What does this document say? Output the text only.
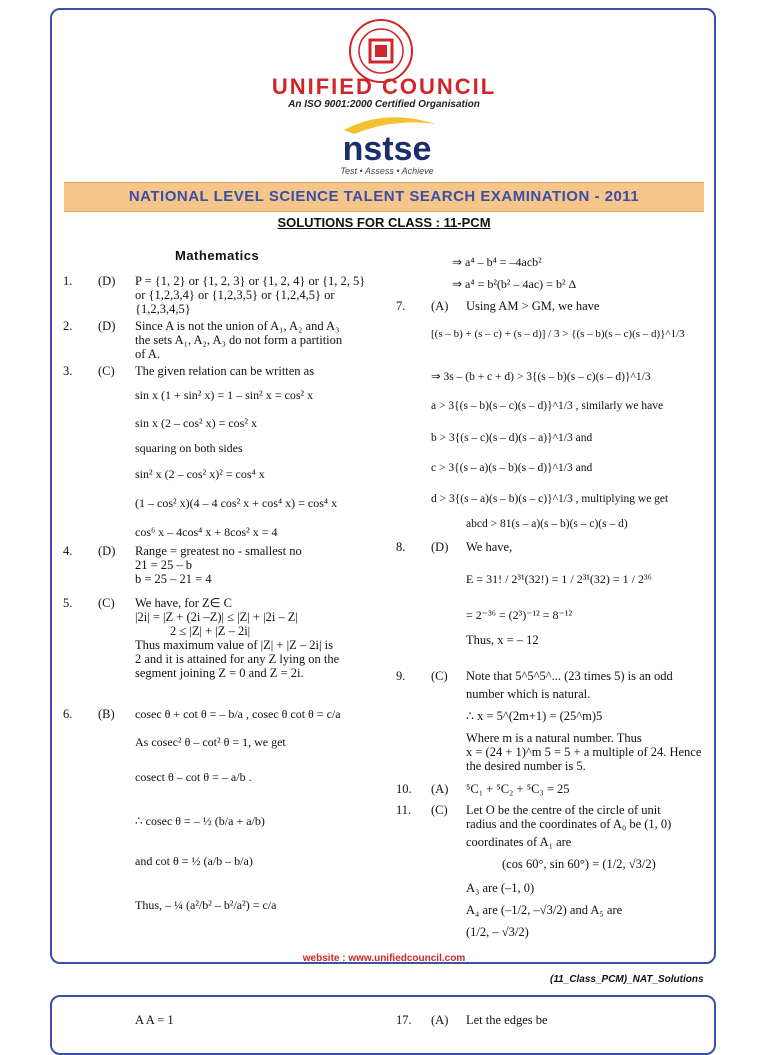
UNIFIED COUNCIL
An ISO 9001:2000 Certified Organisation
nstse
Test • Assess • Achieve
NATIONAL LEVEL SCIENCE TALENT SEARCH EXAMINATION - 2011
SOLUTIONS FOR CLASS : 11-PCM
Mathematics
1. (D) P = {1, 2} or {1, 2, 3} or {1, 2, 4} or {1, 2, 5}
or {1,2,3,4} or {1,2,3,5} or {1,2,4,5} or
{1,2,3,4,5}
2. (D) Since A is not the union of A₁, A₂ and A₃
the sets A₁, A₂, A₃ do not form a partition
of A.
3. (C) The given relation can be written as
sin x (1 + sin² x) = 1 – sin² x = cos² x
sin x (2 – cos² x) = cos² x
squaring on both sides
sin² x (2 – cos² x)² = cos⁴ x
(1 – cos² x)(4 – 4 cos² x + cos⁴ x) = cos⁴ x
cos⁶ x – 4cos⁴ x + 8cos² x = 4
4. (D) Range = greatest no - smallest no
21 = 25 – b
b = 25 – 21 = 4
5. (C) We have, for Z∈ C
|2i| = |Z + (2i –Z)| ≤ |Z| + |2i – Z|
2 ≤ |Z| + |Z – 2i|
Thus maximum value of |Z| + |Z – 2i| is
2 and it is attained for any Z lying on the
segment joining Z = 0 and Z = 2i.
6. (B) cosec θ + cot θ = – b/a , cosec θ cot θ = c/a
As cosec² θ – cot² θ = 1, we get
cosect θ – cot θ = – a/b .
∴ cosec θ = – ½ (b/a + a/b)
and cot θ = ½ (a/b – b/a)
Thus, – ¼ (a²/b² – b²/a²) = c/a
⇒ a⁴ – b⁴ = –4acb²
⇒ a⁴ = b²(b² – 4ac) = b² Δ
7. (A) Using AM > GM, we have
[(s – b) + (s – c) + (s – d)] / 3 > {(s – b)(s – c)(s – d)}^1/3
⇒ 3s – (b + c + d) > 3{(s – b)(s – c)(s – d)}^1/3
a > 3{(s – b)(s – c)(s – d)}^1/3 , similarly we have
b > 3{(s – c)(s – d)(s – a)}^1/3 and
c > 3{(s – a)(s – b)(s – d)}^1/3 and
d > 3{(s – a)(s – b)(s – c)}^1/3 , multiplying we get
abcd > 81(s – a)(s – b)(s – c)(s – d)
8. (D) We have,
E = 31! / 2³¹(32!) = 1 / 2³¹(32) = 1 / 2³⁶
= 2⁻³⁶ = (2³)⁻¹² = 8⁻¹²
Thus, x = – 12
9. (C) Note that 5^5^5^... (23 times 5) is an odd
number which is natural.
∴ x = 5^(2m+1) = (25^m)5
Where m is a natural number. Thus
x = (24 + 1)^m 5 = 5 + a multiple of 24. Hence
the desired number is 5.
10. (A) ⁵C₁ + ⁵C₂ + ⁵C₃ = 25
11. (C) Let O be the centre of the circle of unit
radius and the coordinates of A₀ be (1, 0)
coordinates of A₁ are
(cos 60°, sin 60°) = (1/2, √3/2)
A₃ are (–1, 0)
A₄ are (–1/2, –√3/2) and A₅ are
(1/2, – √3/2)
website : www.unifiedcouncil.com
(11_Class_PCM)_NAT_Solutions
A A = 1	17. (A) Let the edges be
